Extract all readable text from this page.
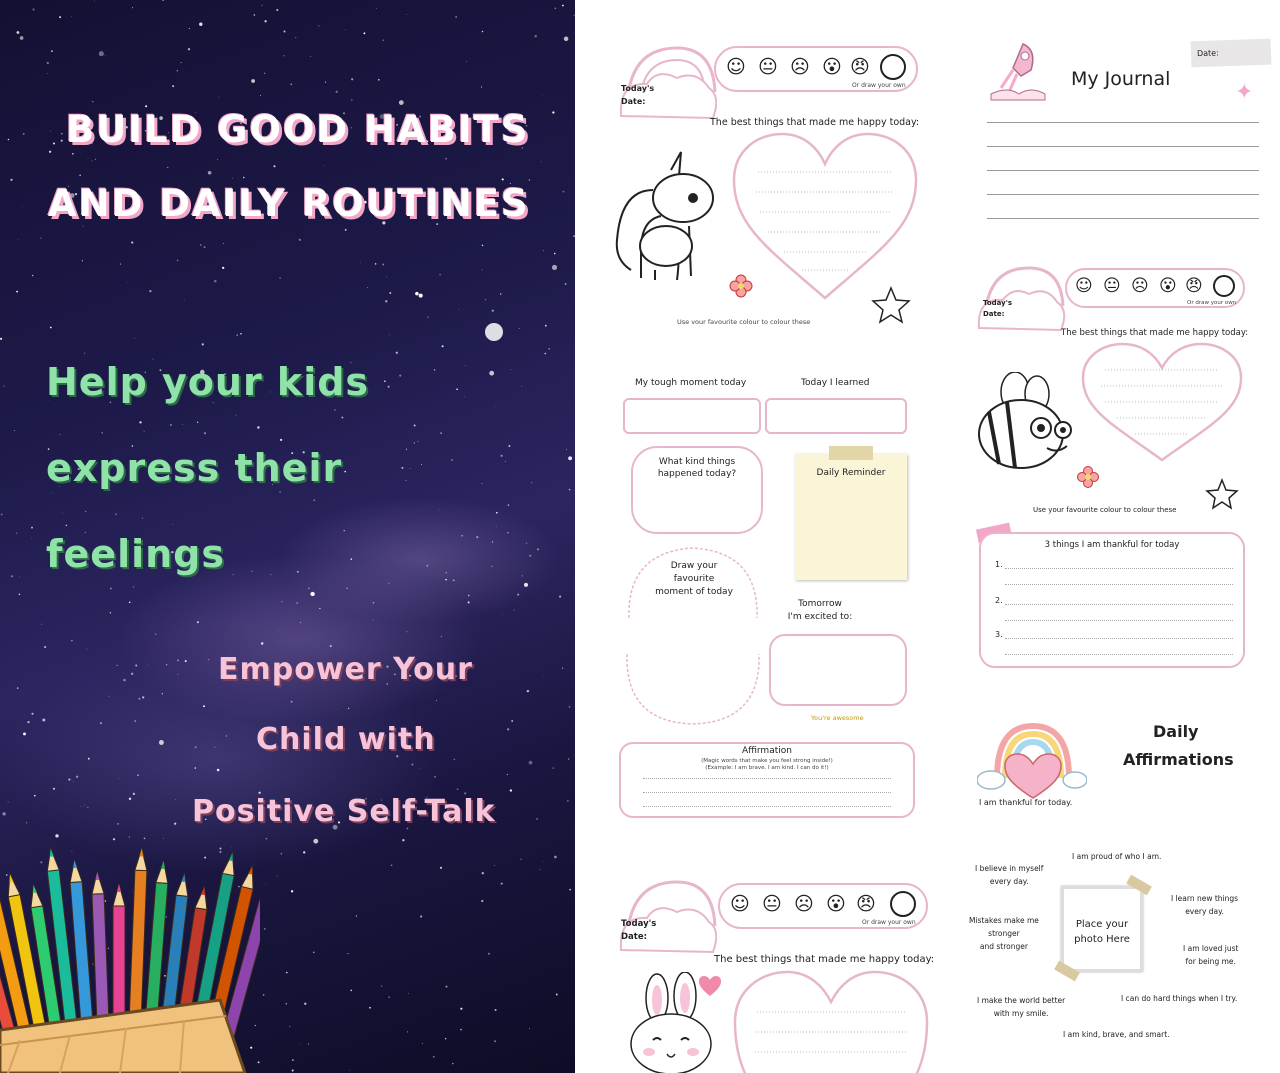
BUILD GOOD HABITS
AND DAILY ROUTINES
Help your kids
express their
feelings
Empower Your
Child with
Positive Self-Talk
Today's
Date:
☺ 😐 ☹ 😮 😠
Or draw your own
The best things that made me happy today:
Use your favourite colour to colour these
My Journal
Date:
✦
My tough moment today	Today I learned
What kind things
happened today?	Daily Reminder
Draw your
favourite
moment of today
Tomorrow
I'm excited to:
You're awesome
Affirmation
(Magic words that make you feel strong inside!)
(Example: I am brave. I am kind. I can do it!)
Today's
Date:
☺ 😐 ☹ 😮 😠
Or draw your own
The best things that made me happy today:
Use your favourite colour to colour these
3 things I am thankful for today
1.
2.
3.
I am thankful for today.
Daily
Affirmations
Place your
photo Here
I am proud of who I am.
I believe in myself
every day.
I learn new things
every day.
Mistakes make me
stronger
and stronger	I am loved just
for being me.
I make the world better
with my smile.
I can do hard things when I try.
I am kind, brave, and smart.
Today's
Date:
☺ 😐 ☹ 😮 😠
Or draw your own
The best things that made me happy today:
